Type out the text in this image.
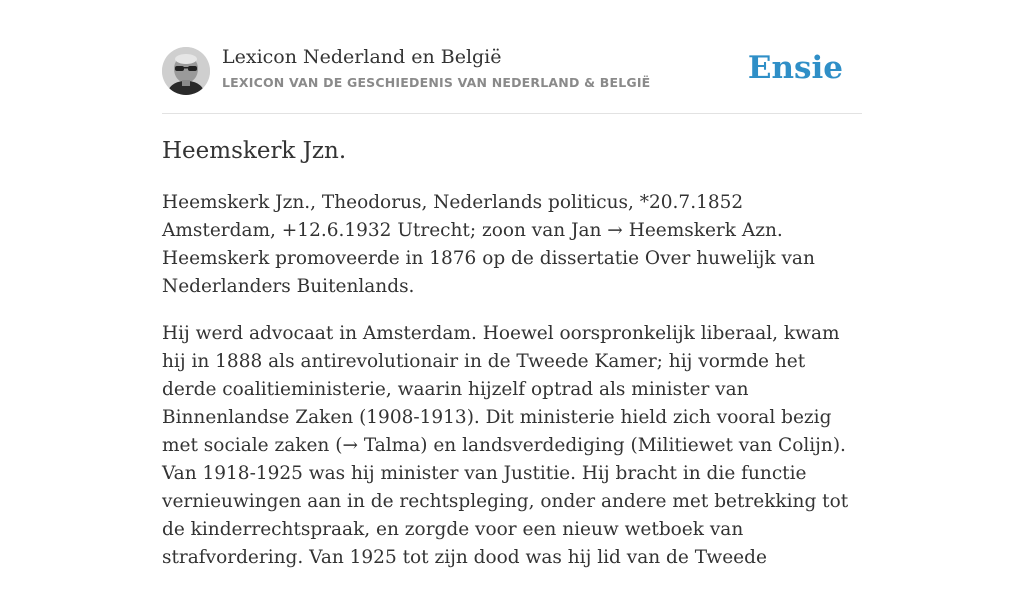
Lexicon Nederland en België
LEXICON VAN DE GESCHIEDENIS VAN NEDERLAND & BELGIË	Ensie
Heemskerk Jzn.

Heemskerk Jzn., Theodorus, Nederlands politicus, *20.7.1852 Amsterdam, +12.6.1932 Utrecht; zoon van Jan → Heemskerk Azn. Heemskerk promoveerde in 1876 op de dissertatie Over huwelijk van Nederlanders Buitenlands.

Hij werd advocaat in Amsterdam. Hoewel oorspronkelijk liberaal, kwam hij in 1888 als antirevolutionair in de Tweede Kamer; hij vormde het derde coalitieministerie, waarin hijzelf optrad als minister van Binnenlandse Zaken (1908-1913). Dit ministerie hield zich vooral bezig met sociale zaken (→ Talma) en landsverdediging (Militiewet van Colijn). Van 1918-1925 was hij minister van Justitie. Hij bracht in die functie vernieuwingen aan in de rechtspleging, onder andere met betrekking tot de kinderrechtspraak, en zorgde voor een nieuw wetboek van strafvordering. Van 1925 tot zijn dood was hij lid van de Tweede
